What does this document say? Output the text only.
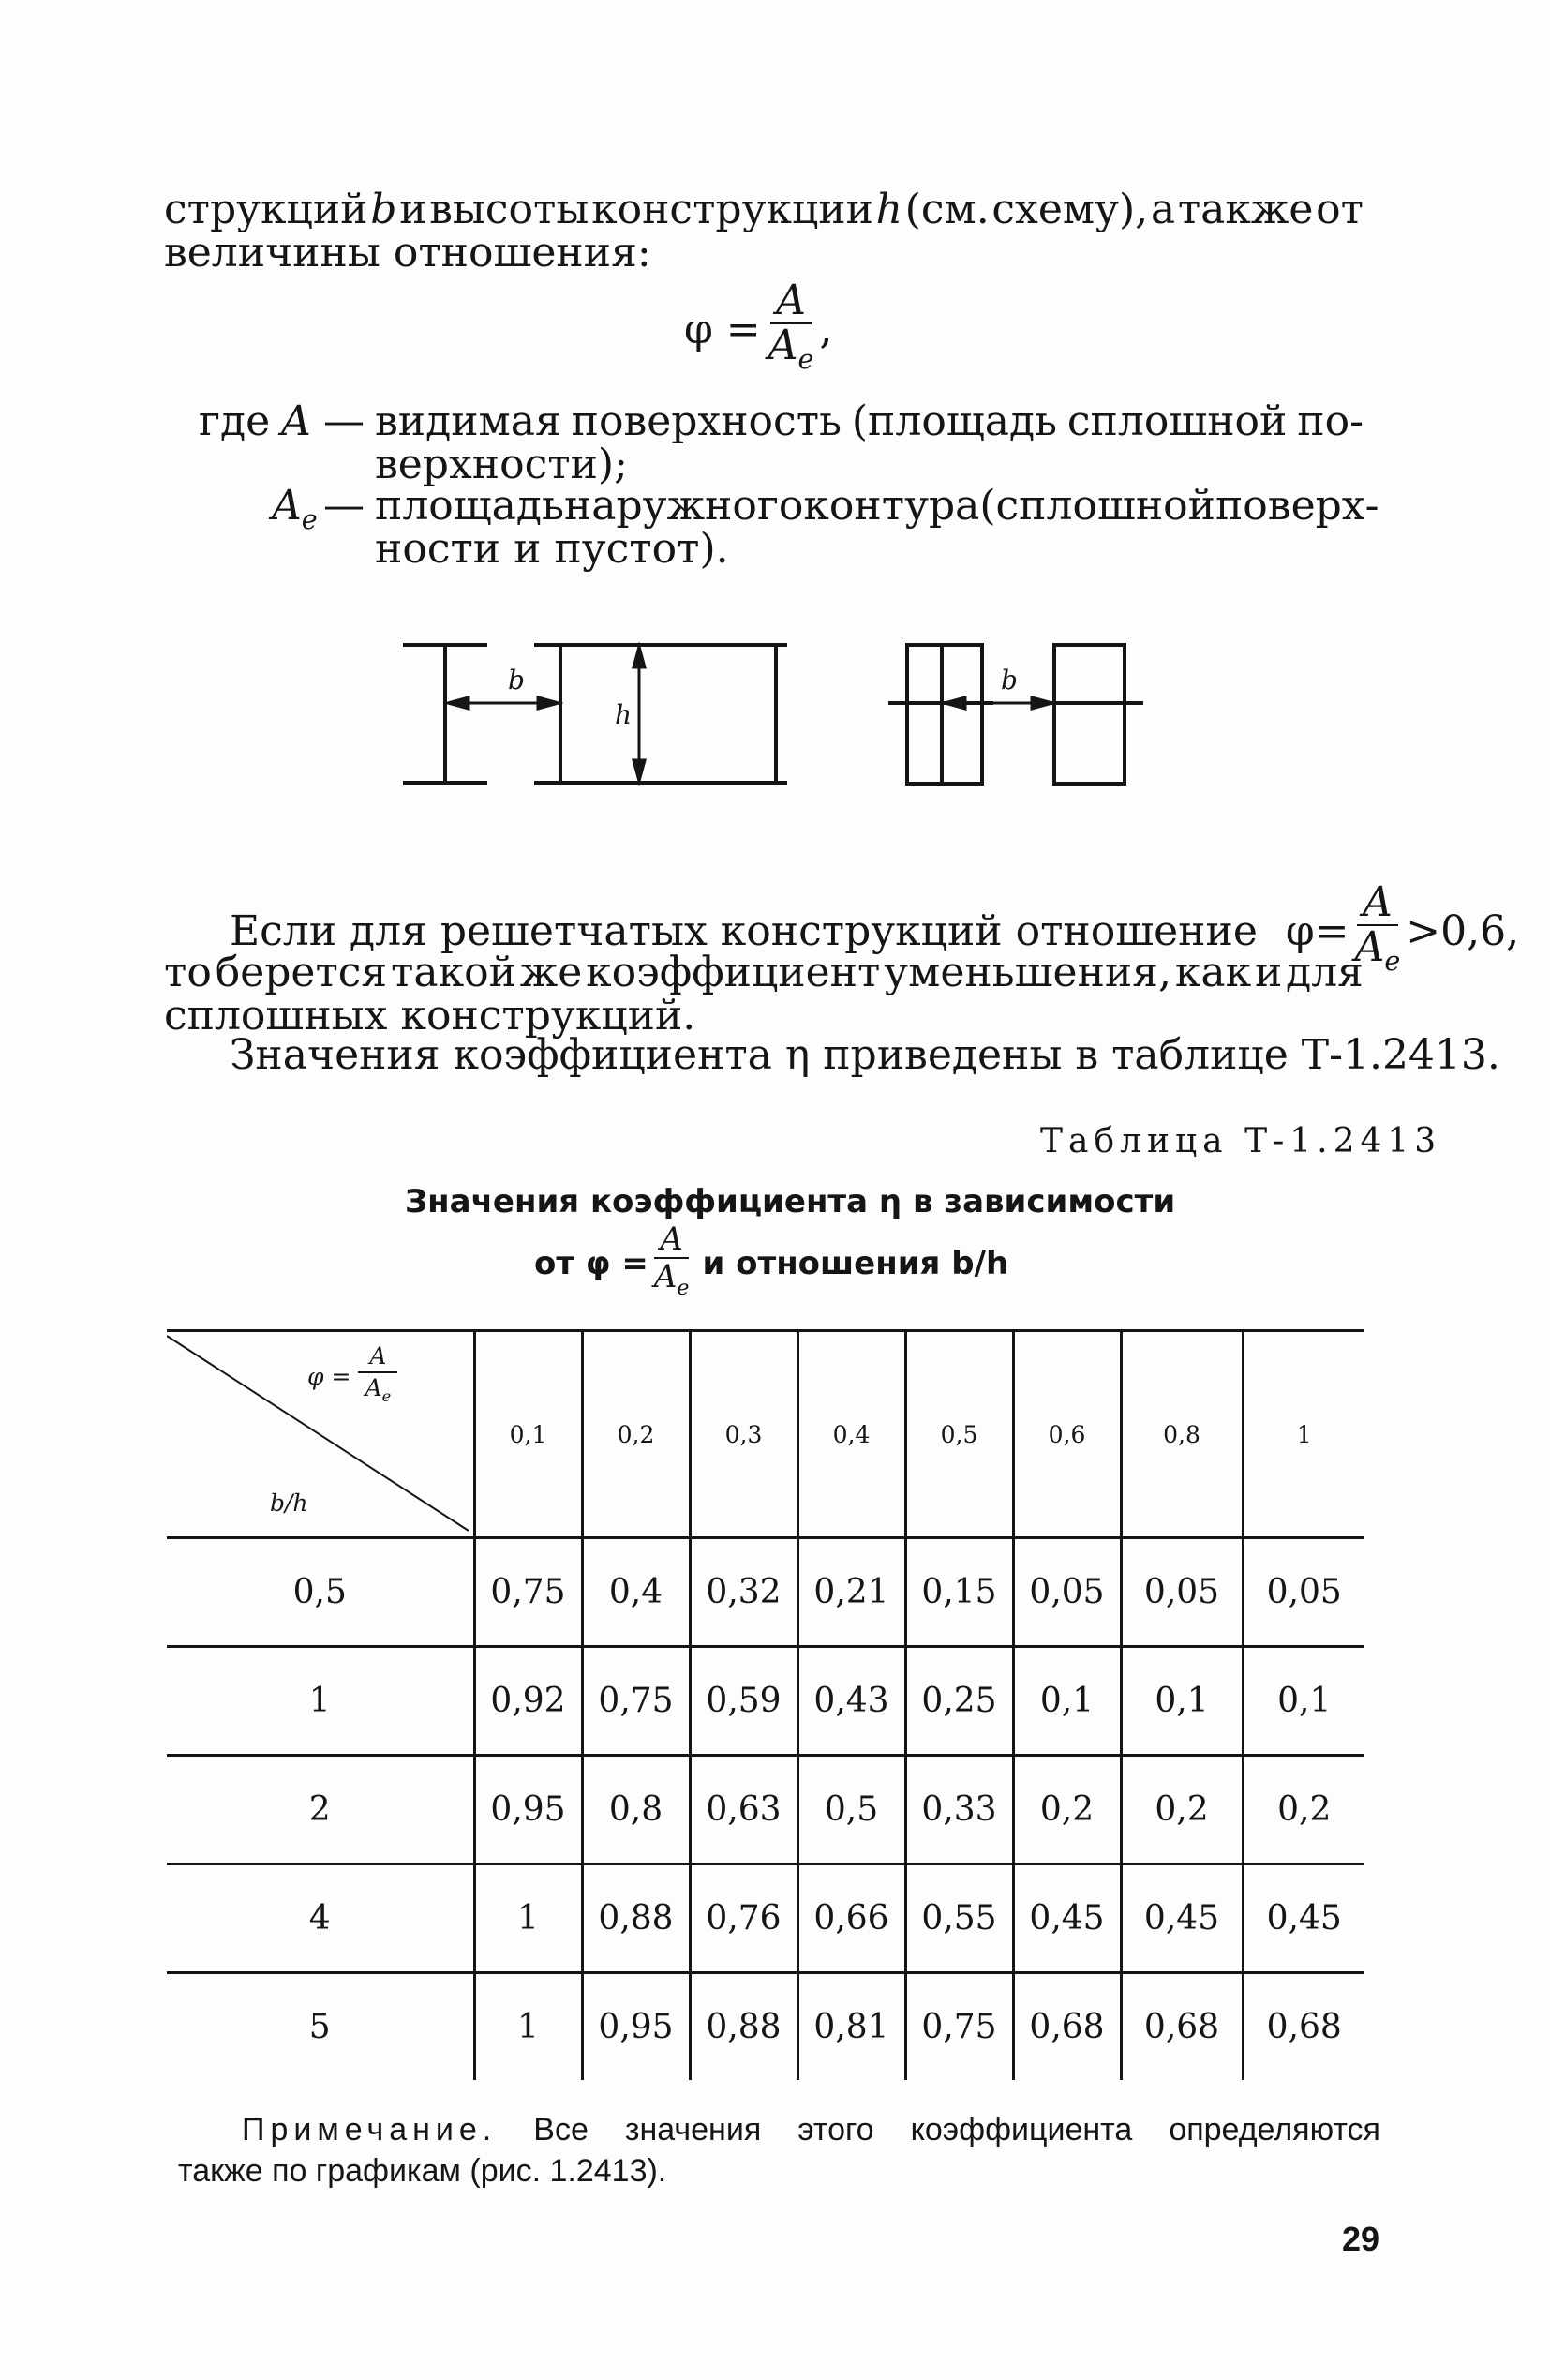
струкций b и высоты конструкции h (см. схему), а также от
величины отношения:
$\varphi = \frac{A}{A_e}$ ,
где A — видимая поверхность (площадь сплошной по-
верхности);
$A_e$ — площадь наружного контура (сплошной поверх-
ности и пустот).
b
h
b
Если для решетчатых конструкций отношение $\varphi= \frac{A}{A_e} >0,6$,
то берется такой же коэффициент уменьшения, как и для
сплошных конструкций.
Значения коэффициента η приведены в таблице Т-1.2413.
Таблица Т-1.2413
Значения коэффициента η в зависимости
от $\varphi = \frac{A}{A_e}$ и отношения b/h
$\varphi = \frac{A}{A_e}$
b/h	0,1	0,2	0,3	0,4	0,5	0,6	0,8	1
0,5	0,75	0,4	0,32	0,21	0,15	0,05	0,05	0,05
1	0,92	0,75	0,59	0,43	0,25	0,1	0,1	0,1
2	0,95	0,8	0,63	0,5	0,33	0,2	0,2	0,2
4	1	0,88	0,76	0,66	0,55	0,45	0,45	0,45
5	1	0,95	0,88	0,81	0,75	0,68	0,68	0,68
Примечание. Все значения этого коэффициента определяются
также по графикам (рис. 1.2413).
29
